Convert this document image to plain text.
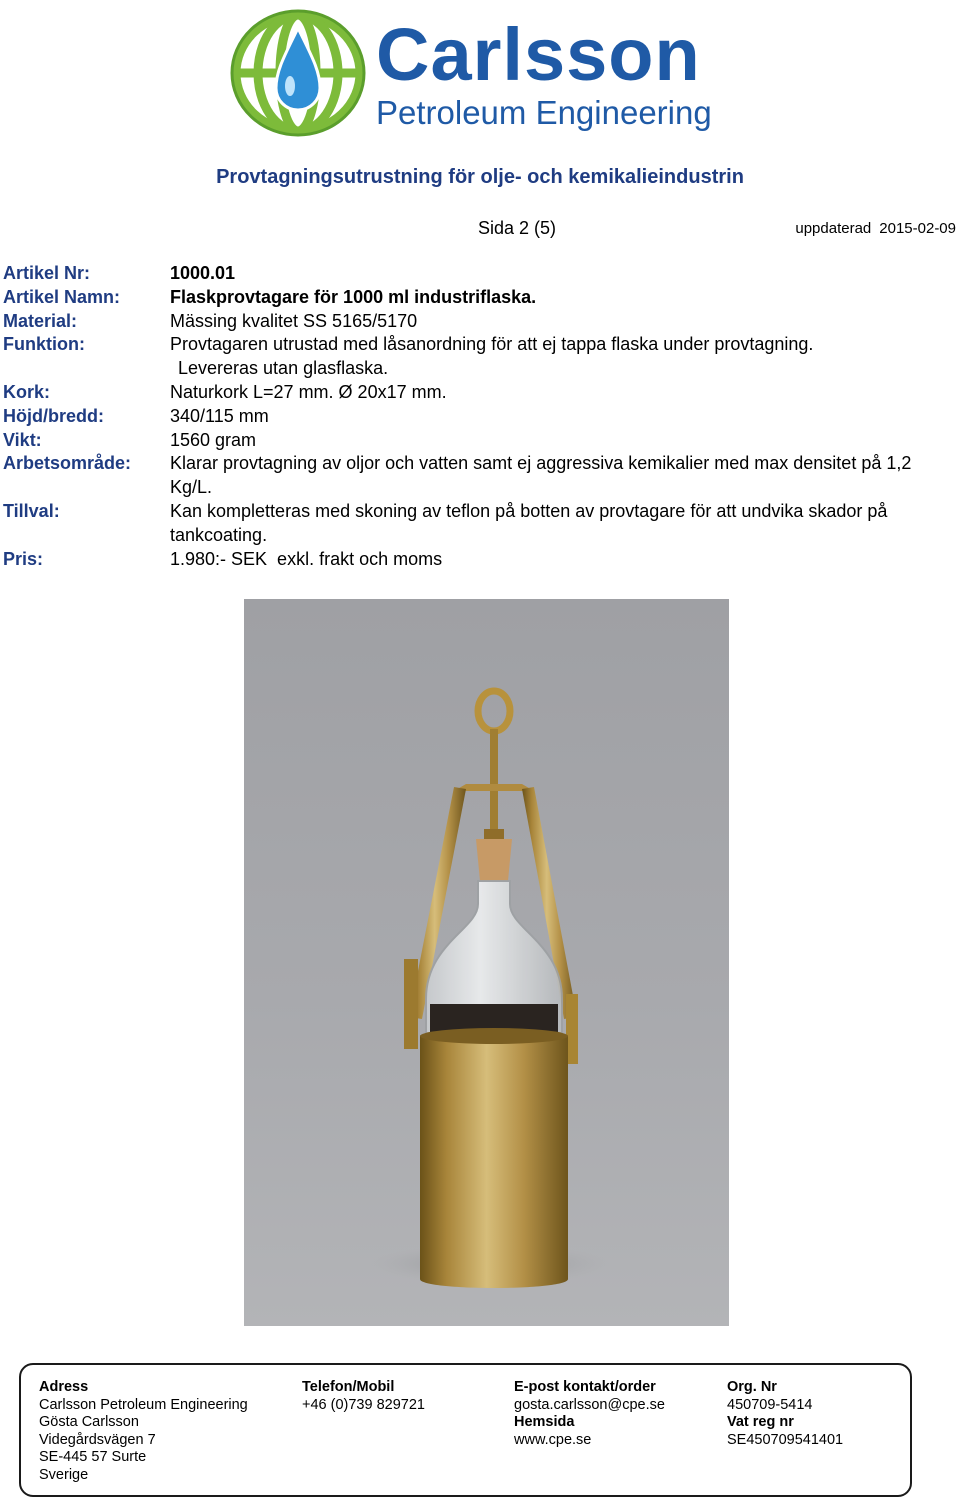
Carlsson
Petroleum Engineering
Provtagningsutrustning för olje- och kemikalieindustrin
Sida 2 (5)	uppdaterad 2015-02-09
Artikel Nr:	1000.01
Artikel Namn:	Flaskprovtagare för 1000 ml industriflaska.
Material:	Mässing kvalitet SS 5165/5170
Funktion:	Provtagaren utrustad med låsanordning för att ej tappa flaska under provtagning.
Levereras utan glasflaska.
Kork:	Naturkork L=27 mm. Ø 20x17 mm.
Höjd/bredd:	340/115 mm
Vikt:	1560 gram
Arbetsområde:	Klarar provtagning av oljor och vatten samt ej aggressiva kemikalier med max densitet på 1,2 Kg/L.
Tillval:	Kan kompletteras med skoning av teflon på botten av provtagare för att undvika skador på tankcoating.
Pris:	1.980:- SEK  exkl. frakt och moms
Adress
Carlsson Petroleum Engineering
Gösta Carlsson
Videgårdsvägen 7
SE-445 57 Surte
Sverige
Telefon/Mobil
+46 (0)739 829721
E-post kontakt/order
gosta.carlsson@cpe.se
Hemsida
www.cpe.se
Org. Nr
450709-5414
Vat reg nr
SE450709541401
